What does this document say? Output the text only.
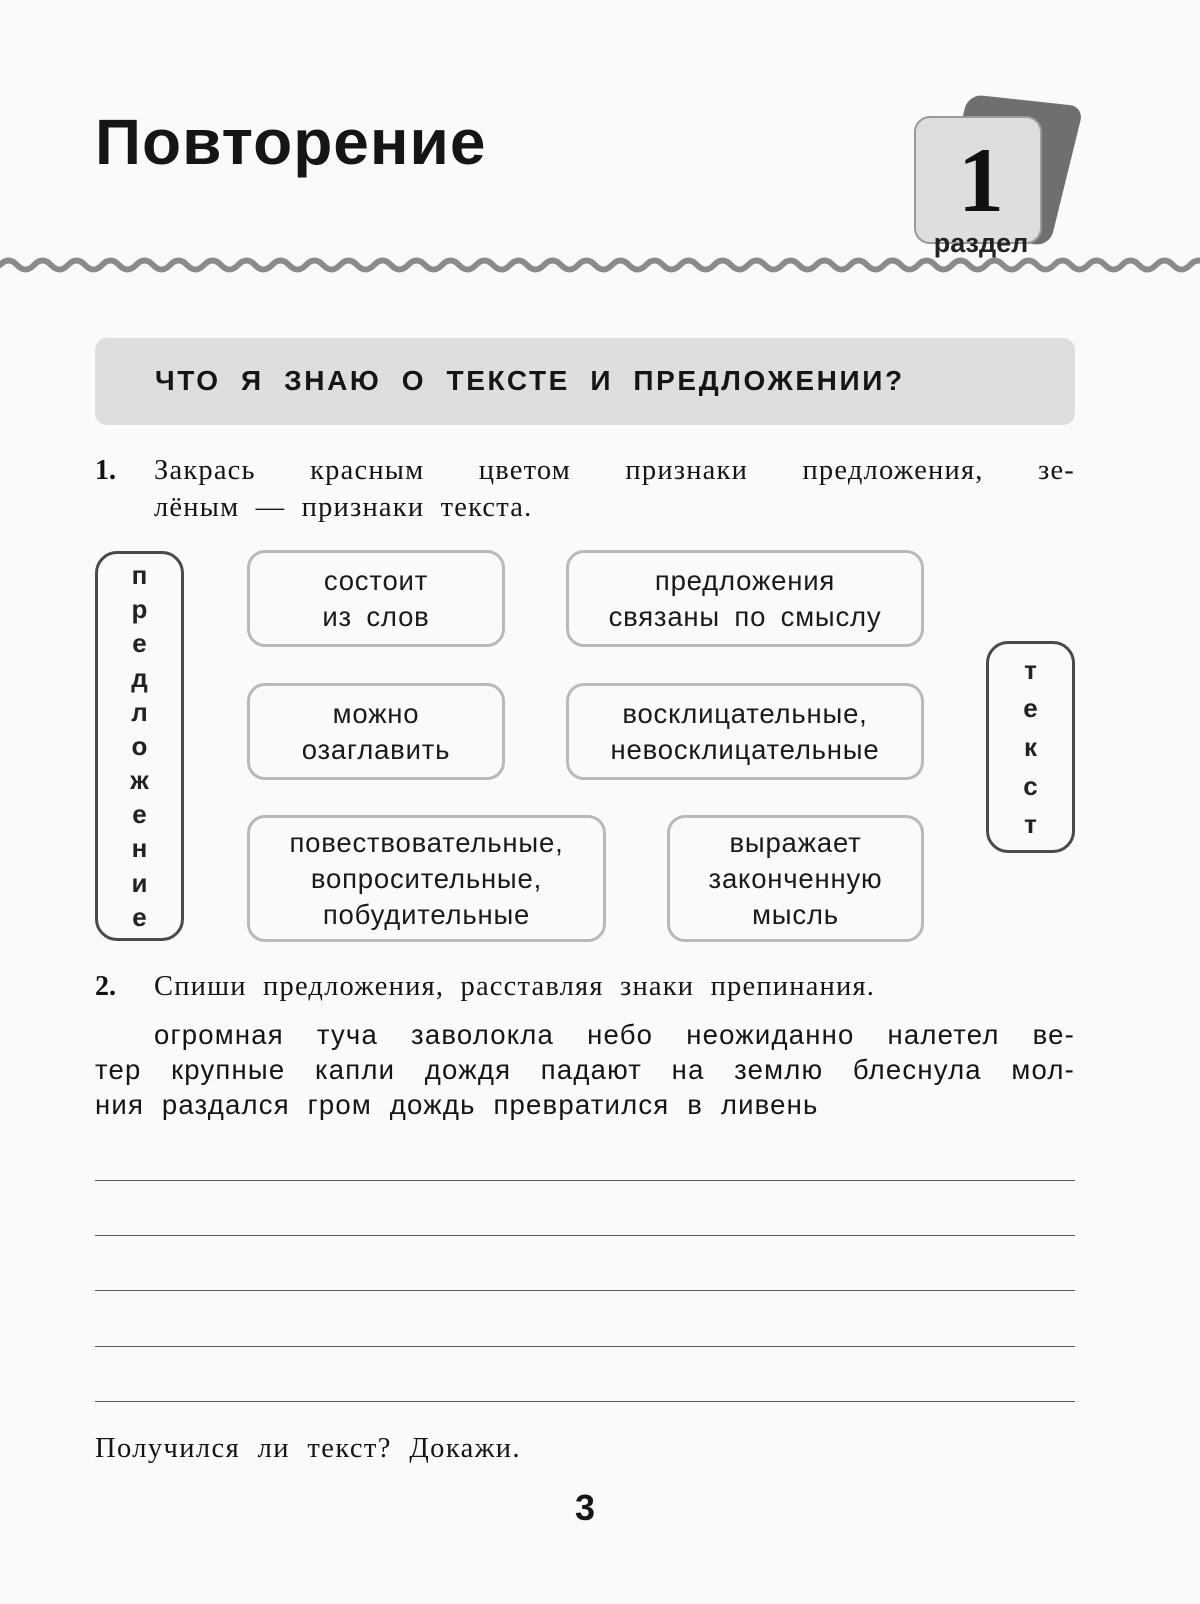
Повторение	1
раздел
ЧТО Я ЗНАЮ О ТЕКСТЕ И ПРЕДЛОЖЕНИИ?
1. Закрась красным цветом признаки предложения, зе-
лёным — признаки текста.
п
р
е
д
л
о
ж
е
н
и
е
т
е
к
с
т
состоит
из слов
предложения
связаны по смыслу
можно
озаглавить
восклицательные,
невосклицательные
повествовательные,
вопросительные,
побудительные
выражает
законченную
мысль
2. Спиши предложения, расставляя знаки препинания.
огромная туча заволокла небо неожиданно налетел ве-
тер крупные капли дождя падают на землю блеснула мол-
ния раздался гром дождь превратился в ливень
Получился ли текст? Докажи.
3
